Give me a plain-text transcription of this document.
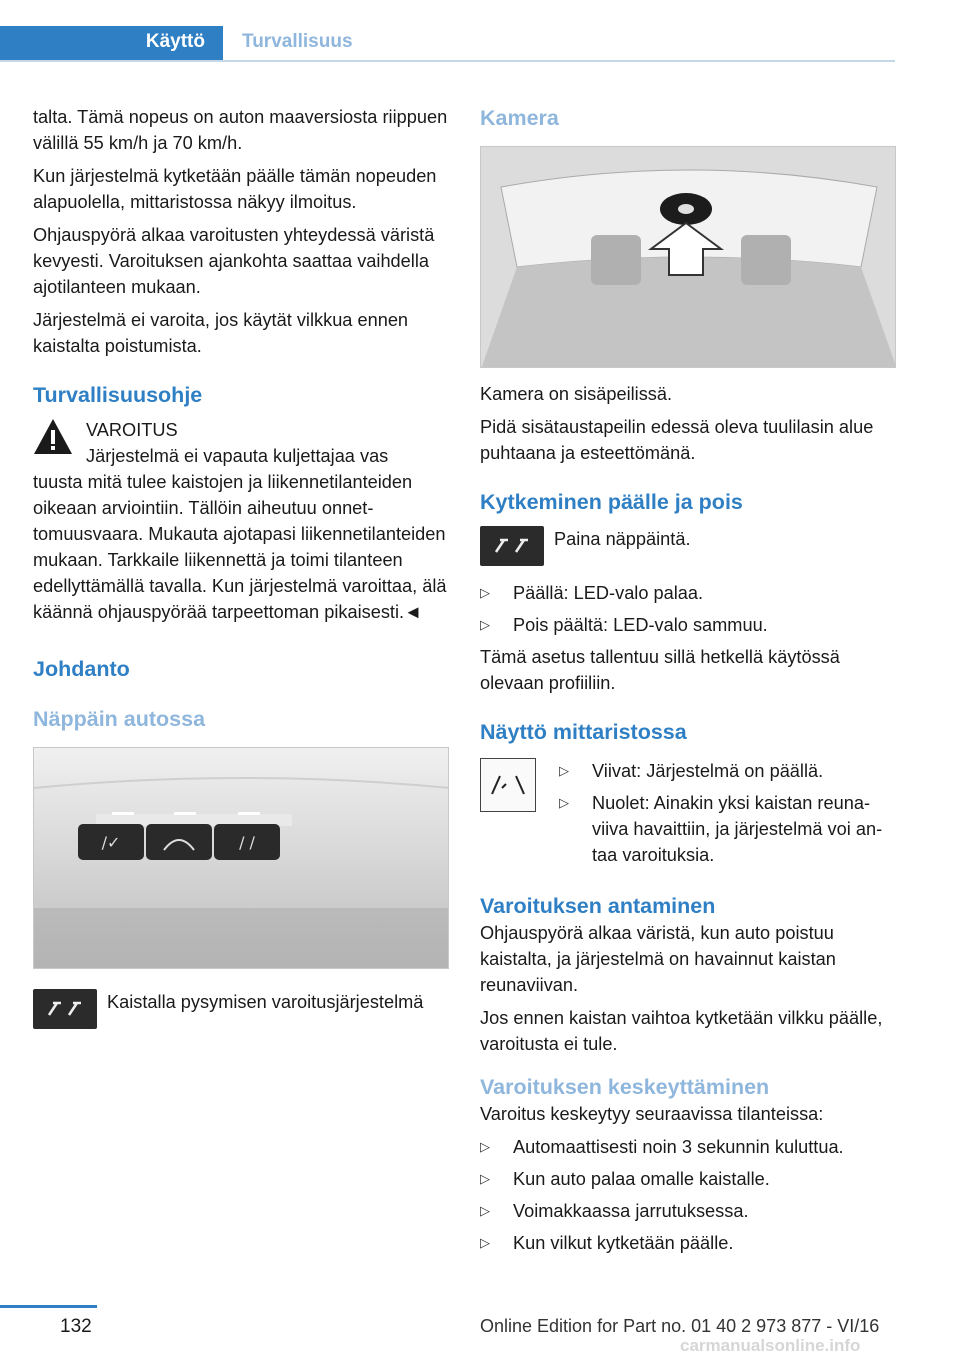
Käyttö	Turvallisuus

talta. Tämä nopeus on auton maaversiosta riippuen välillä 55 km/h ja 70 km/h.

Kun järjestelmä kytketään päälle tämän nopeuden alapuolella, mittaristossa näkyy ilmoitus.

Ohjauspyörä alkaa varoitusten yhteydessä väristä kevyesti. Varoituksen ajankohta saattaa vaihdella ajotilanteen mukaan.

Järjestelmä ei varoita, jos käytät vilkkua ennen kaistalta poistumista.

Turvallisuusohje
VAROITUS
Järjestelmä ei vapauta kuljettajaa vas

tuusta mitä tulee kaistojen ja liikennetilanteiden oikeaan arviointiin. Tällöin aiheutuu onnettomuusvaara. Mukauta ajotapasi liikennetilanteiden mukaan. Tarkkaile liikennettä ja toimi tilanteen edellyttämällä tavalla. Kun järjestelmä varoittaa, älä käännä ohjauspyörää tarpeettoman pikaisesti.◄

Johdanto
Näppäin autossa
/✓	/ ∕

Kaistalla pysymisen varoitusjärjestelmä

Kamera

Kamera on sisäpeilissä.

Pidä sisätaustapeilin edessä oleva tuulilasin alue puhtaana ja esteettömänä.

Kytkeminen päälle ja pois

Paina näppäintä.

▷ Päällä: LED-valo palaa.
▷ Pois päältä: LED-valo sammuu.

Tämä asetus tallentuu sillä hetkellä käytössä olevaan profiiliin.

Näyttö mittaristossa
▷ Viivat: Järjestelmä on päällä.
▷ Nuolet: Ainakin yksi kaistan reunaviiva havaittiin, ja järjestelmä voi antaa varoituksia.
Varoituksen antaminen

Ohjauspyörä alkaa väristä, kun auto poistuu kaistalta, ja järjestelmä on havainnut kaistan reunaviivan.

Jos ennen kaistan vaihtoa kytketään vilkku päälle, varoitusta ei tule.

Varoituksen keskeyttäminen

Varoitus keskeytyy seuraavissa tilanteissa:

▷ Automaattisesti noin 3 sekunnin kuluttua.
▷ Kun auto palaa omalle kaistalle.
▷ Voimakkaassa jarrutuksessa.
▷ Kun vilkut kytketään päälle.
132	Online Edition for Part no. 01 40 2 973 877 - VI/16
carmanualsonline.info
